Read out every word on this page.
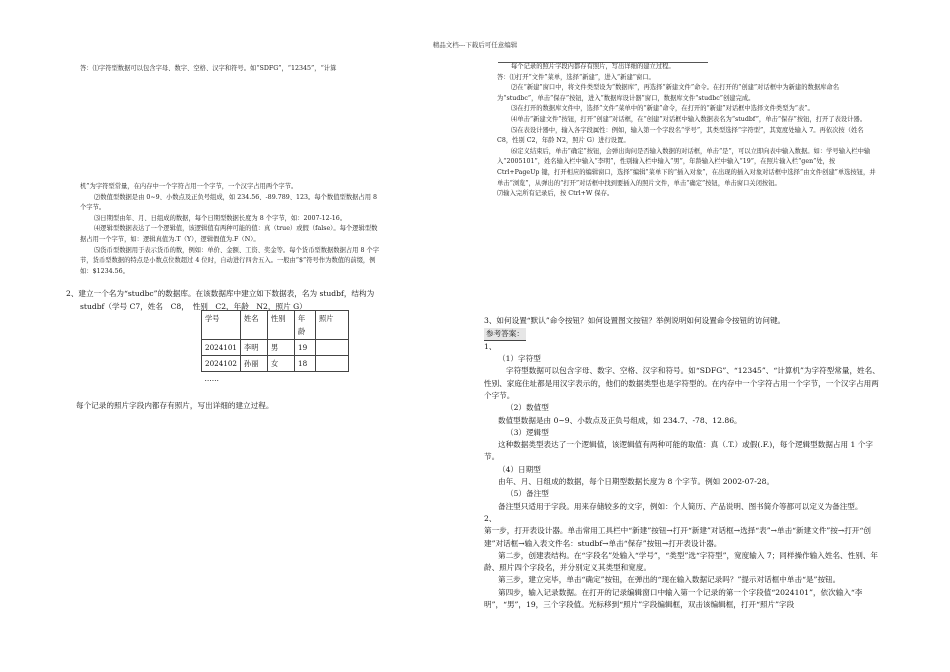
精品文档---下载后可任意编辑

答：⑴字符型数据可以包含字母、数字、空格、汉字和符号。如“SDFG”，“12345”，“计算

机”为字符型常量，在内存中一个字符占用一个字节，一个汉字占用两个字节。

⑵数值型数据是由 0~9、小数点及正负号组成，如 234.56、-89.789、123。每个数值型数据占用 8 个字节。

⑶日期型由年、月、日组成的数据，每个日期型数据长度为 8 个字节，如：2007-12-16。

⑷逻辑型数据表达了一个逻辑值，该逻辑值有两种可能的值：真（true）或假（false）。每个逻辑型数据占用一个字节，如：逻辑真值为.T（Y），逻辑假值为.F（N）。

⑸货币型数据用于表示货币的数，例如：单价、金额、工资、奖金等。每个货币型数据数据占用 8 个字节，货币型数据的特点是小数点位数超过 4 位时，自动进行四舍五入。一般由“$”符号作为数值的前缀，例如：$1234.56。

2、建立一个名为“studbc”的数据库。在该数据库中建立如下数据表，名为 studbf，结构为

studbf（学号 C7，姓名　C8，　性别　C2，年龄　N2，照片 G）

学号	姓名	性别	年龄	照片
2024101	李明	男	19	
2024102	孙丽	女	18	
……				

每个记录的照片字段内都存有照片，写出详细的建立过程。

每个记录的照片字段内都存有照片，写出详细的建立过程。

答：⑴打开“文件”菜单，选择“新建”，进入“新建”窗口。

⑵在“新建”窗口中，将文件类型设为“数据库”，再选择“新建文件”命令。在打开的“创建”对话框中为新建的数据库命名为“studbc”，单击“保存”按钮，进入“数据库设计器”窗口，数据库文件“studbc”创建完成。

⑶在打开的数据库文件中，选择“文件”菜单中的“新建”命令，在打开的“新建”对话框中选择文件类型为“表”。

⑷单击“新建文件”按钮，打开“创建”对话框，在“创建”对话框中输入数据表名为“studbf”，单击“保存”按钮，打开了表设计器。

⑸在表设计器中，输入各字段属性：例如，输入第一个字段名“学号”，其类型选择“字符型”，其宽度处输入 7。再依次按（姓名 C8，性别 C2，年龄 N2，照片 G）进行设置。

⑹定义结束后，单击“确定”按钮，会弹出询问是否输入数据的对话框，单击“是”，可以立即向表中输入数据。如：学号输入栏中输入“2005101”，姓名输入栏中输入“李明”，性别输入栏中输入“男”，年龄输入栏中输入“19”，在照片输入栏“gen”处，按 Ctrl+PageUp 键，打开相应的编辑窗口，选择“编辑”菜单下的“插入对象”，在出现的插入对象对话框中选择“由文件创建”单选按钮，并单击“浏览”，从弹出的“打开”对话框中找到要插入的照片文件，单击“确定”按钮，单击窗口关闭按钮。

⑺输入完所有记录后，按 Ctrl+W 保存。

3、如何设置“默认”命令按钮？如何设置图文按钮？举例说明如何设置命令按钮的访问键。

参考答案：

1、

（1）字符型

字符型数据可以包含字母、数字、空格、汉字和符号。如“SDFG”、“12345”、“计算机”为字符型常量，姓名、性别、家庭住址都是用汉字表示的，他们的数据类型也是字符型的。在内存中一个字符占用一个字节，一个汉字占用两个字节。

（2）数值型

数值型数据是由 0~9、小数点及正负号组成，如 234.7、-78、12.86。

（3）逻辑型

这种数据类型表达了一个逻辑值，该逻辑值有两种可能的取值：真（.T.）或假(.F.)，每个逻辑型数据占用 1 个字节。

（4）日期型

由年、月、日组成的数据，每个日期型数据长度为 8 个字节。例如 2002-07-28。

（5）备注型

备注型只适用于字段。用来存储较多的文字，例如：个人简历、产品说明、图书简介等都可以定义为备注型。

2、

第一步，打开表设计器。单击常用工具栏中“新建”按钮→打开“新建”对话框→选择“表”→单击“新建文件”按→打开“创建”对话框→输入表文件名：studbf→单击“保存”按钮→打开表设计器。

第二步，创建表结构。在“字段名”处输入“学号”，“类型”选“字符型”，宽度输入 7；同样操作输入姓名、性别、年龄、照片四个字段名，并分别定义其类型和宽度。

第三步，建立完毕，单击“确定”按钮，在弹出的“现在输入数据记录吗？”提示对话框中单击“是”按钮。

第四步，输入记录数据。在打开的记录编辑窗口中输入第一个记录的第一个字段值“2024101”，依次输入“李明”，“男”，19，三个字段值。光标移到“照片”字段编辑框，双击该编辑框，打开“照片”字段
